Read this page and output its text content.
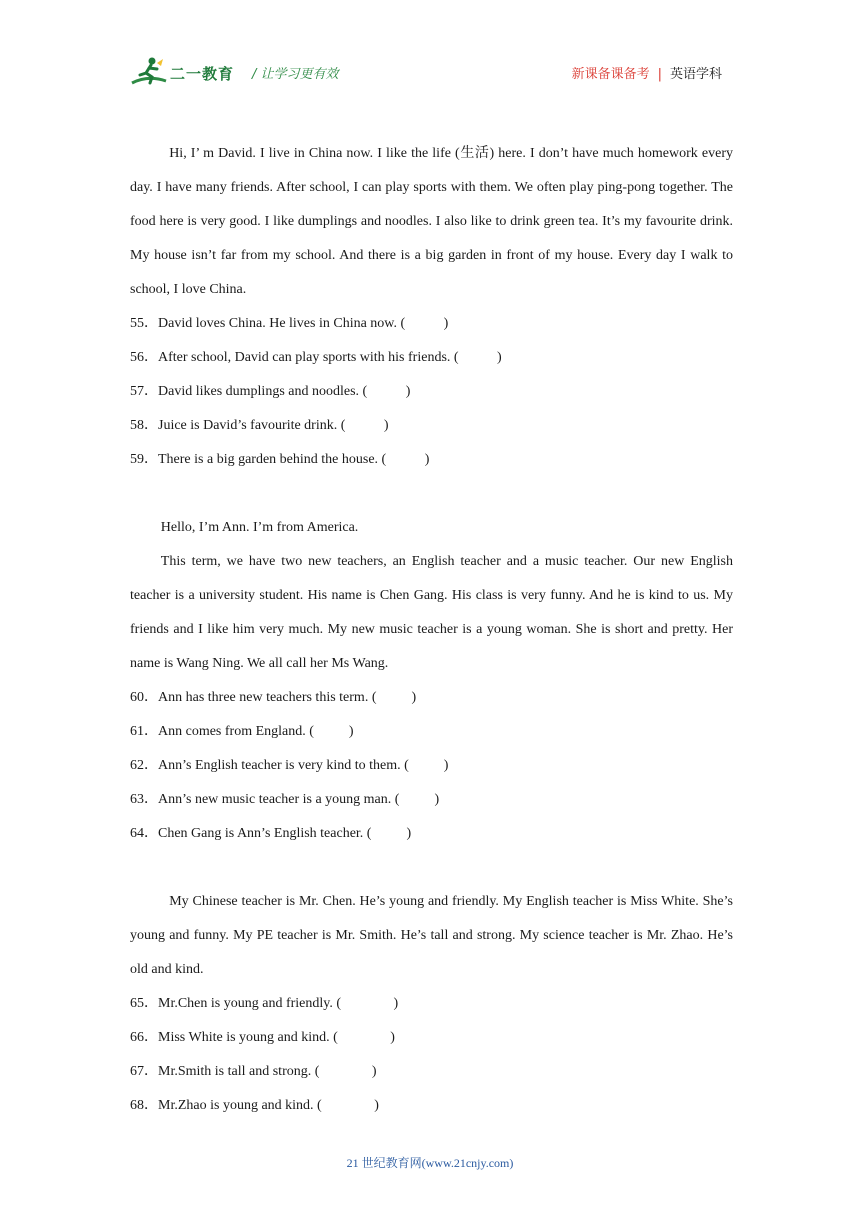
二一教育 / 让学习更有效	新课备课备考 | 英语学科

Hi, I’ m David. I live in China now. I like the life (生活) here. I don’t have much homework every day. I have many friends. After school, I can play sports with them. We often play ping-pong together. The food here is very good. I like dumplings and noodles. I also like to drink green tea. It’s my favourite drink. My house isn’t far from my school. And there is a big garden in front of my house. Every day I walk to school, I love China.

55．David loves China. He lives in China now. (           )

56．After school, David can play sports with his friends. (           )

57．David likes dumplings and noodles. (           )

58．Juice is David’s favourite drink. (           )

59．There is a big garden behind the house. (           )

Hello, I’m Ann. I’m from America.

This term, we have two new teachers, an English teacher and a music teacher. Our new English teacher is a university student. His name is Chen Gang. His class is very funny. And he is kind to us. My friends and I like him very much. My new music teacher is a young woman. She is short and pretty. Her name is Wang Ning. We all call her Ms Wang.

60．Ann has three new teachers this term. (          )

61．Ann comes from England. (          )

62．Ann’s English teacher is very kind to them. (          )

63．Ann’s new music teacher is a young man. (          )

64．Chen Gang is Ann’s English teacher. (          )

My Chinese teacher is Mr. Chen. He’s young and friendly. My English teacher is Miss White. She’s young and funny. My PE teacher is Mr. Smith. He’s tall and strong. My science teacher is Mr. Zhao. He’s old and kind.

65．Mr.Chen is young and friendly. (               )

66．Miss White is young and kind. (               )

67．Mr.Smith is tall and strong. (               )

68．Mr.Zhao is young and kind. (               )

21 世纪教育网(www.21cnjy.com)
